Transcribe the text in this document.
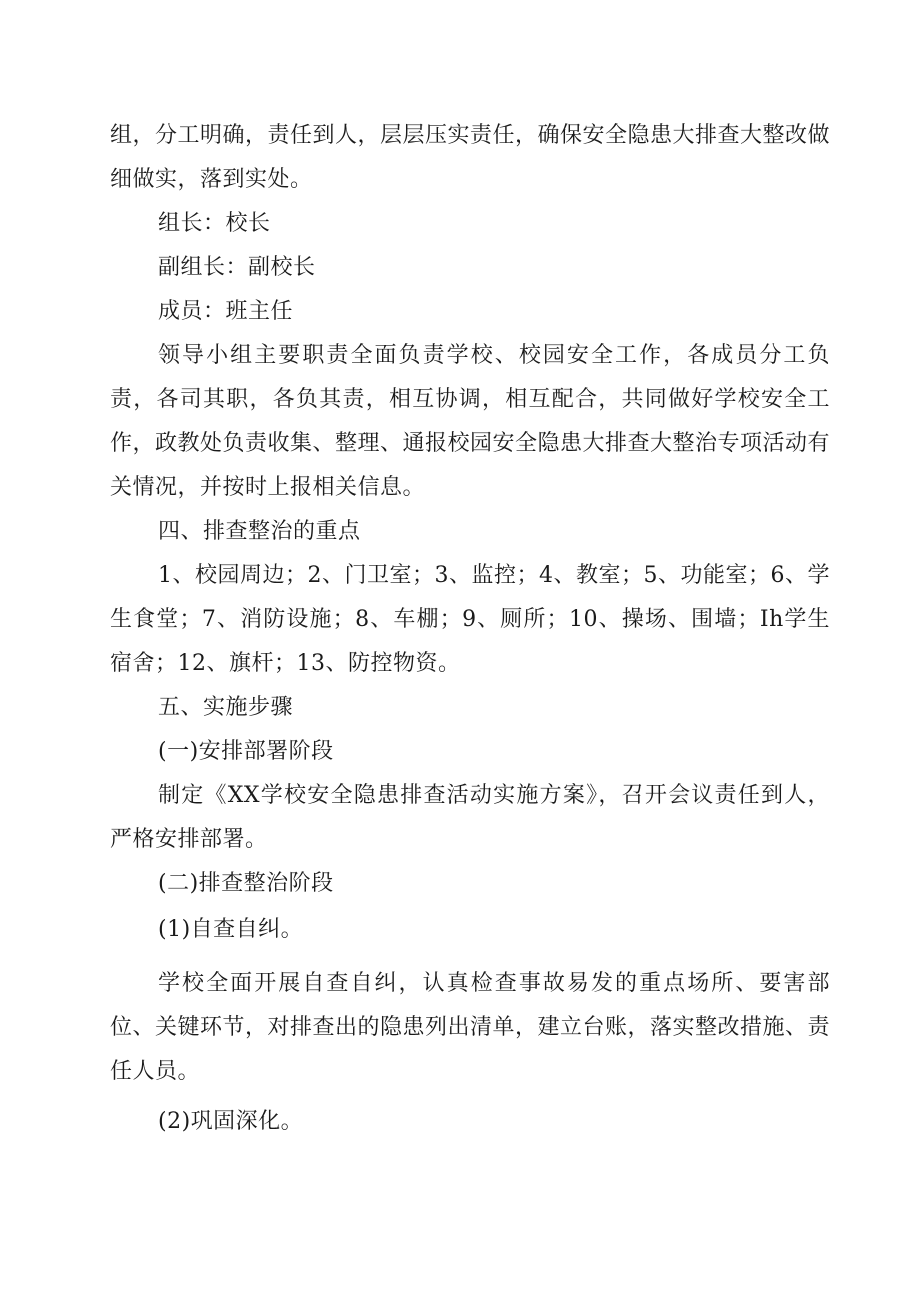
组，分工明确，责任到人，层层压实责任，确保安全隐患大排查大整改做细做实，落到实处。

组长：校长

副组长：副校长

成员：班主任

领导小组主要职责全面负责学校、校园安全工作，各成员分工负责，各司其职，各负其责，相互协调，相互配合，共同做好学校安全工作，政教处负责收集、整理、通报校园安全隐患大排查大整治专项活动有关情况，并按时上报相关信息。

四、排查整治的重点

1、校园周边；2、门卫室；3、监控；4、教室；5、功能室；6、学生食堂；7、消防设施；8、车棚；9、厕所；10、操场、围墙；Ih学生宿舍；12、旗杆；13、防控物资。

五、实施步骤

(一)安排部署阶段

制定《XX学校安全隐患排查活动实施方案》，召开会议责任到人，严格安排部署。

(二)排查整治阶段

(1)自查自纠。

学校全面开展自查自纠，认真检查事故易发的重点场所、要害部位、关键环节，对排查出的隐患列出清单，建立台账，落实整改措施、责任人员。

(2)巩固深化。
